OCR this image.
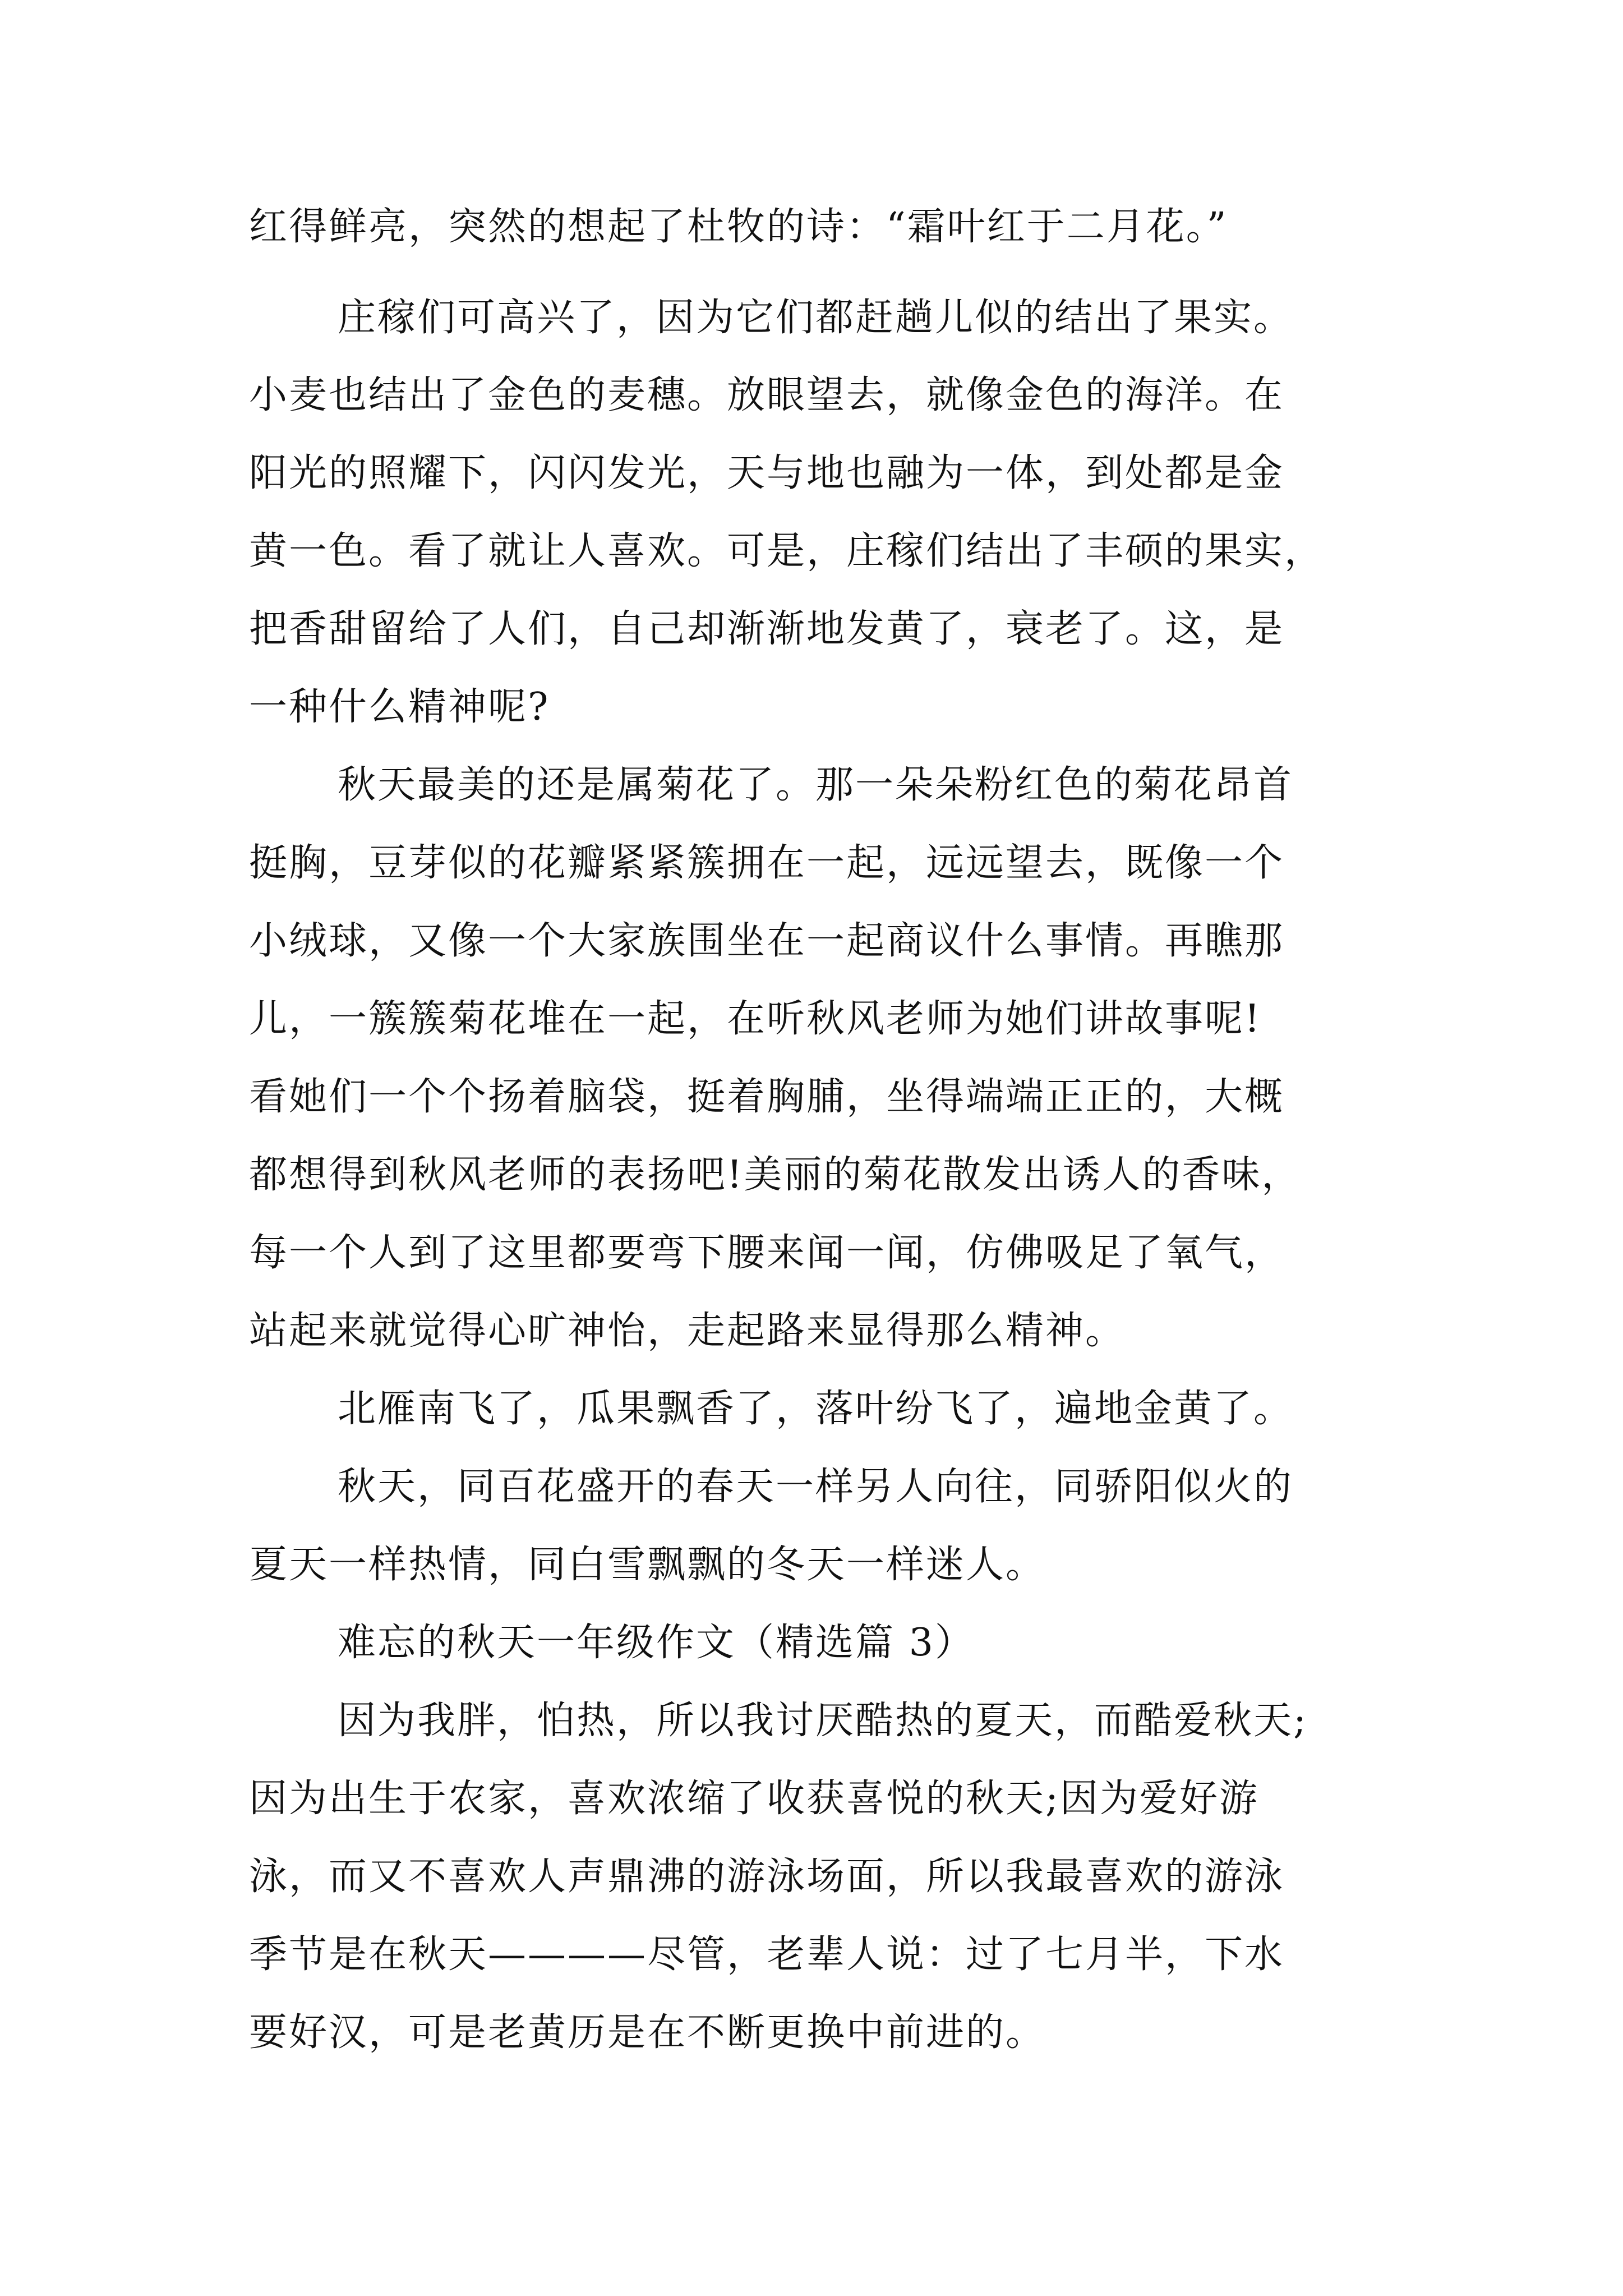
红得鲜亮，突然的想起了杜牧的诗：“霜叶红于二月花。”
庄稼们可高兴了，因为它们都赶趟儿似的结出了果实。
小麦也结出了金色的麦穗。放眼望去，就像金色的海洋。在
阳光的照耀下，闪闪发光，天与地也融为一体，到处都是金
黄一色。看了就让人喜欢。可是，庄稼们结出了丰硕的果实，
把香甜留给了人们，自己却渐渐地发黄了，衰老了。这，是
一种什么精神呢?
秋天最美的还是属菊花了。那一朵朵粉红色的菊花昂首
挺胸，豆芽似的花瓣紧紧簇拥在一起，远远望去，既像一个
小绒球，又像一个大家族围坐在一起商议什么事情。再瞧那
儿，一簇簇菊花堆在一起，在听秋风老师为她们讲故事呢!
看她们一个个扬着脑袋，挺着胸脯，坐得端端正正的，大概
都想得到秋风老师的表扬吧!美丽的菊花散发出诱人的香味，
每一个人到了这里都要弯下腰来闻一闻，仿佛吸足了氧气，
站起来就觉得心旷神怡，走起路来显得那么精神。
北雁南飞了，瓜果飘香了，落叶纷飞了，遍地金黄了。
秋天，同百花盛开的春天一样另人向往，同骄阳似火的
夏天一样热情，同白雪飘飘的冬天一样迷人。
难忘的秋天一年级作文（精选篇 3）
因为我胖，怕热，所以我讨厌酷热的夏天，而酷爱秋天;
因为出生于农家，喜欢浓缩了收获喜悦的秋天;因为爱好游
泳，而又不喜欢人声鼎沸的游泳场面，所以我最喜欢的游泳
季节是在秋天————尽管，老辈人说：过了七月半，下水
要好汉，可是老黄历是在不断更换中前进的。
